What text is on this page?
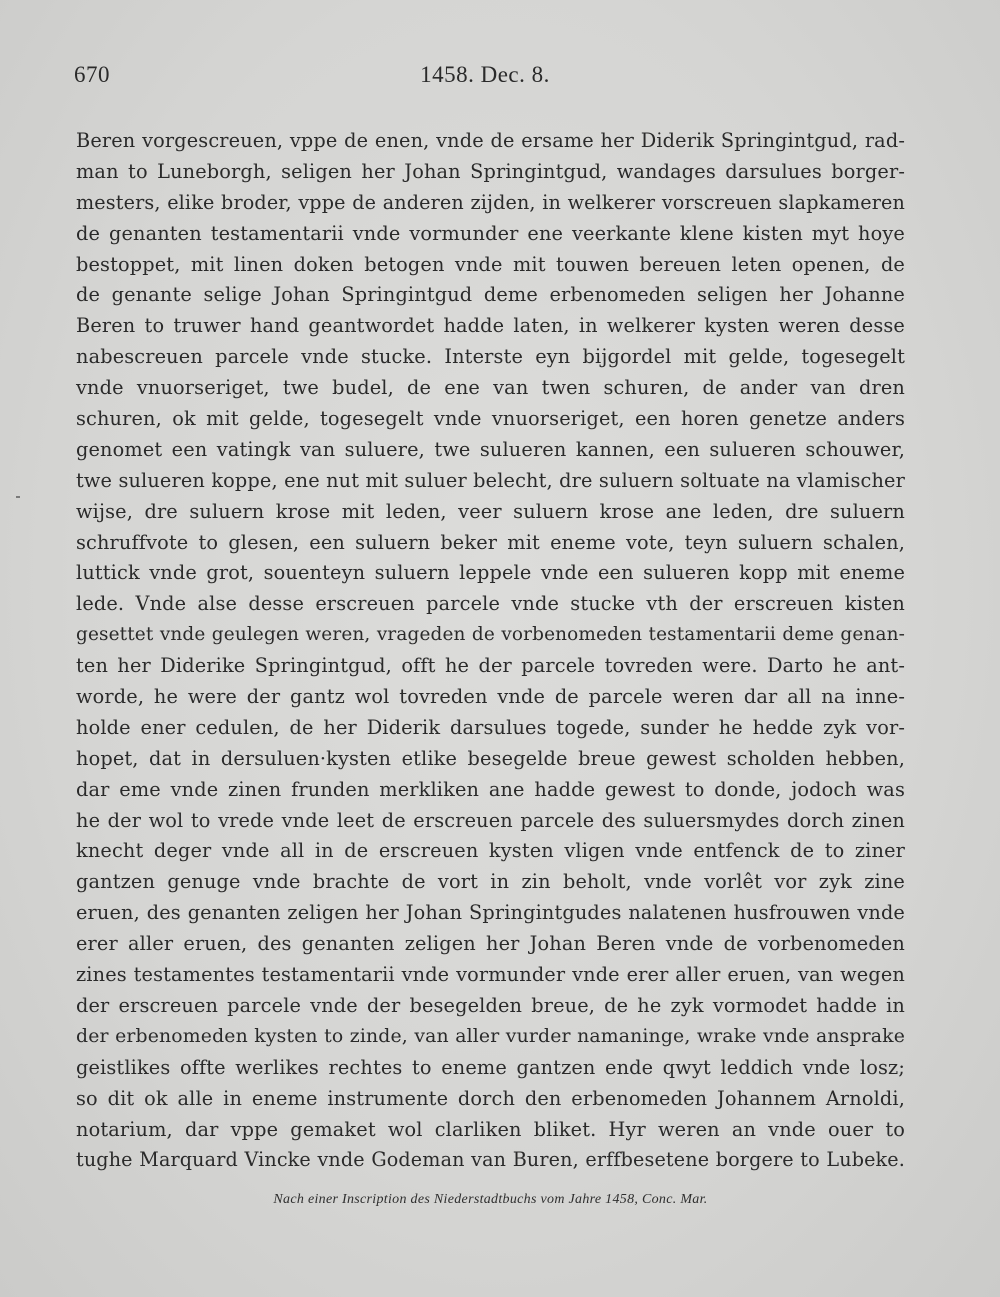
670	1458. Dec. 8.
Beren vorgescreuen, vppe de enen, vnde de ersame her Diderik Springintgud, rad-
man to Luneborgh, seligen her Johan Springintgud, wandages darsulues borger-
mesters, elike broder, vppe de anderen zijden, in welkerer vorscreuen slapkameren
de genanten testamentarii vnde vormunder ene veerkante klene kisten myt hoye
bestoppet, mit linen doken betogen vnde mit touwen bereuen leten openen, de
de genante selige Johan Springintgud deme erbenomeden seligen her Johanne
Beren to truwer hand geantwordet hadde laten, in welkerer kysten weren desse
nabescreuen parcele vnde stucke. Interste eyn bijgordel mit gelde, togesegelt
vnde vnuorseriget, twe budel, de ene van twen schuren, de ander van dren
schuren, ok mit gelde, togesegelt vnde vnuorseriget, een horen genetze anders
genomet een vatingk van suluere, twe sulueren kannen, een sulueren schouwer,
twe sulueren koppe, ene nut mit suluer belecht, dre suluern soltuate na vlamischer
wijse, dre suluern krose mit leden, veer suluern krose ane leden, dre suluern
schruffvote to glesen, een suluern beker mit eneme vote, teyn suluern schalen,
luttick vnde grot, souenteyn suluern leppele vnde een sulueren kopp mit eneme
lede. Vnde alse desse erscreuen parcele vnde stucke vth der erscreuen kisten
gesettet vnde geulegen weren, vrageden de vorbenomeden testamentarii deme genan-
ten her Diderike Springintgud, offt he der parcele tovreden were. Darto he ant-
worde, he were der gantz wol tovreden vnde de parcele weren dar all na inne-
holde ener cedulen, de her Diderik darsulues togede, sunder he hedde zyk vor-
hopet, dat in dersuluen·kysten etlike besegelde breue gewest scholden hebben,
dar eme vnde zinen frunden merkliken ane hadde gewest to donde, jodoch was
he der wol to vrede vnde leet de erscreuen parcele des suluersmydes dorch zinen
knecht deger vnde all in de erscreuen kysten vligen vnde entfenck de to ziner
gantzen genuge vnde brachte de vort in zin beholt, vnde vorlêt vor zyk zine
eruen, des genanten zeligen her Johan Springintgudes nalatenen husfrouwen vnde
erer aller eruen, des genanten zeligen her Johan Beren vnde de vorbenomeden
zines testamentes testamentarii vnde vormunder vnde erer aller eruen, van wegen
der erscreuen parcele vnde der besegelden breue, de he zyk vormodet hadde in
der erbenomeden kysten to zinde, van aller vurder namaninge, wrake vnde ansprake
geistlikes offte werlikes rechtes to eneme gantzen ende qwyt leddich vnde losz;
so dit ok alle in eneme instrumente dorch den erbenomeden Johannem Arnoldi,
notarium, dar vppe gemaket wol clarliken bliket. Hyr weren an vnde ouer to
tughe Marquard Vincke vnde Godeman van Buren, erffbesetene borgere to Lubeke.
Nach einer Inscription des Niederstadtbuchs vom Jahre 1458, Conc. Mar.
